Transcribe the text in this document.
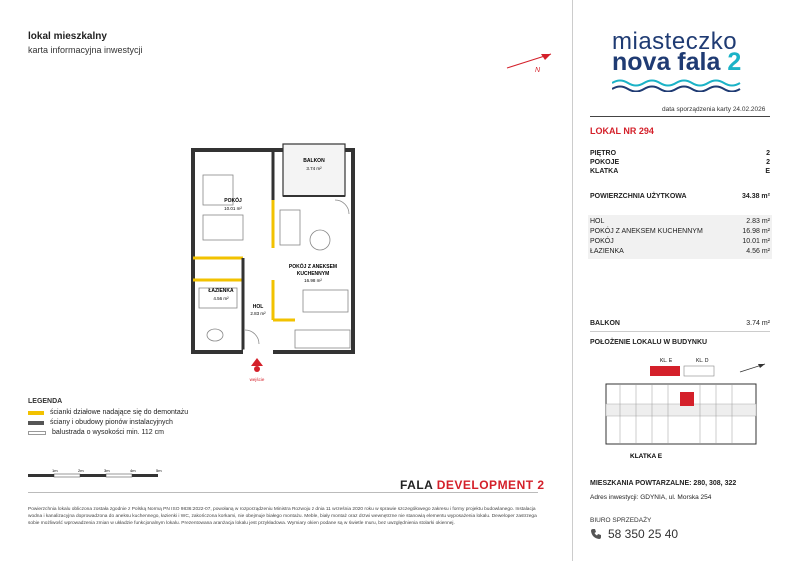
lokal mieszkalny
karta informacyjna inwestycji
N
BALKON
3.74 m²
POKÓJ
10.01 m²
POKÓJ Z ANEKSEM
KUCHENNYM
16.98 m²
ŁAZIENKA
4.56 m²
HOL
2.83 m²
wejście
LEGENDA
ścianki działowe nadające się do demontażu
ściany i obudowy pionów instalacyjnych
balustrada o wysokości min. 112 cm
1m	2m	3m	4m	5m
FALA DEVELOPMENT 2
Powierzchnia lokalu obliczona została zgodnie z Polską Normą PN ISO 9836:2022-07, powołaną w rozporządzeniu Ministra Rozwoju z dnia 11 września 2020 roku w sprawie szczegółowego zakresu i formy projektu budowlanego. Instalacja wodna i kanalizacyjna doprowadzona do aneksu kuchennego, łazienki i WC, zakończona korkami, nie obejmuje białego montażu. Meble, biały montaż oraz drzwi wewnętrzne nie stanowią elementu wyposażenia lokalu. Deweloper zastrzega sobie możliwość wprowadzenia zmian w układzie funkcjonalnym lokalu. Prezentowana aranżacja lokalu jest przykładowa. Wymiary okien podane są w świetle muru, bez uwzględnienia stolarki okiennej.
miasteczko
nova fala 2
data sporządzenia karty 24.02.2026
LOKAL NR 294
PIĘTRO	2
POKOJE	2
KLATKA	E
POWIERZCHNIA UŻYTKOWA	34.38 m²
HOL	2.83 m²
POKÓJ Z ANEKSEM KUCHENNYM	16.98 m²
POKÓJ	10.01 m²
ŁAZIENKA	4.56 m²
BALKON	3.74 m²
POŁOŻENIE LOKALU W BUDYNKU
KL. E	KL. D
KLATKA E
MIESZKANIA POWTARZALNE: 280, 308, 322
Adres inwestycji: GDYNIA, ul. Morska 254
BIURO SPRZEDAŻY
58 350 25 40
